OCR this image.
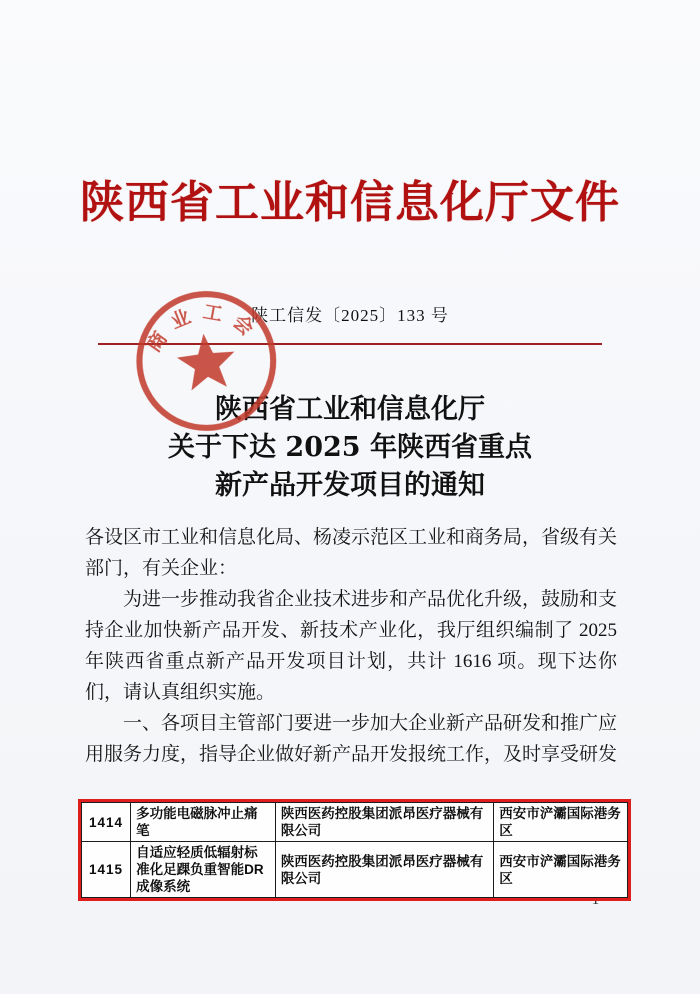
陕西省工业和信息化厅文件
陕工信发〔2025〕133 号
商业工会
陕西省工业和信息化厅
关于下达 2025 年陕西省重点
新产品开发项目的通知

各设区市工业和信息化局、杨凌示范区工业和商务局，省级有关部门，有关企业：

为进一步推动我省企业技术进步和产品优化升级，鼓励和支持企业加快新产品开发、新技术产业化，我厅组织编制了 2025 年陕西省重点新产品开发项目计划，共计 1616 项。现下达你们，请认真组织实施。

一、各项目主管部门要进一步加大企业新产品研发和推广应用服务力度，指导企业做好新产品开发报统工作，及时享受研发

1414	多功能电磁脉冲止痛笔	陕西医药控股集团派昂医疗器械有限公司	西安市浐灞国际港务区
1415	自适应轻质低辐射标准化足踝负重智能DR成像系统	陕西医药控股集团派昂医疗器械有限公司	西安市浐灞国际港务区
